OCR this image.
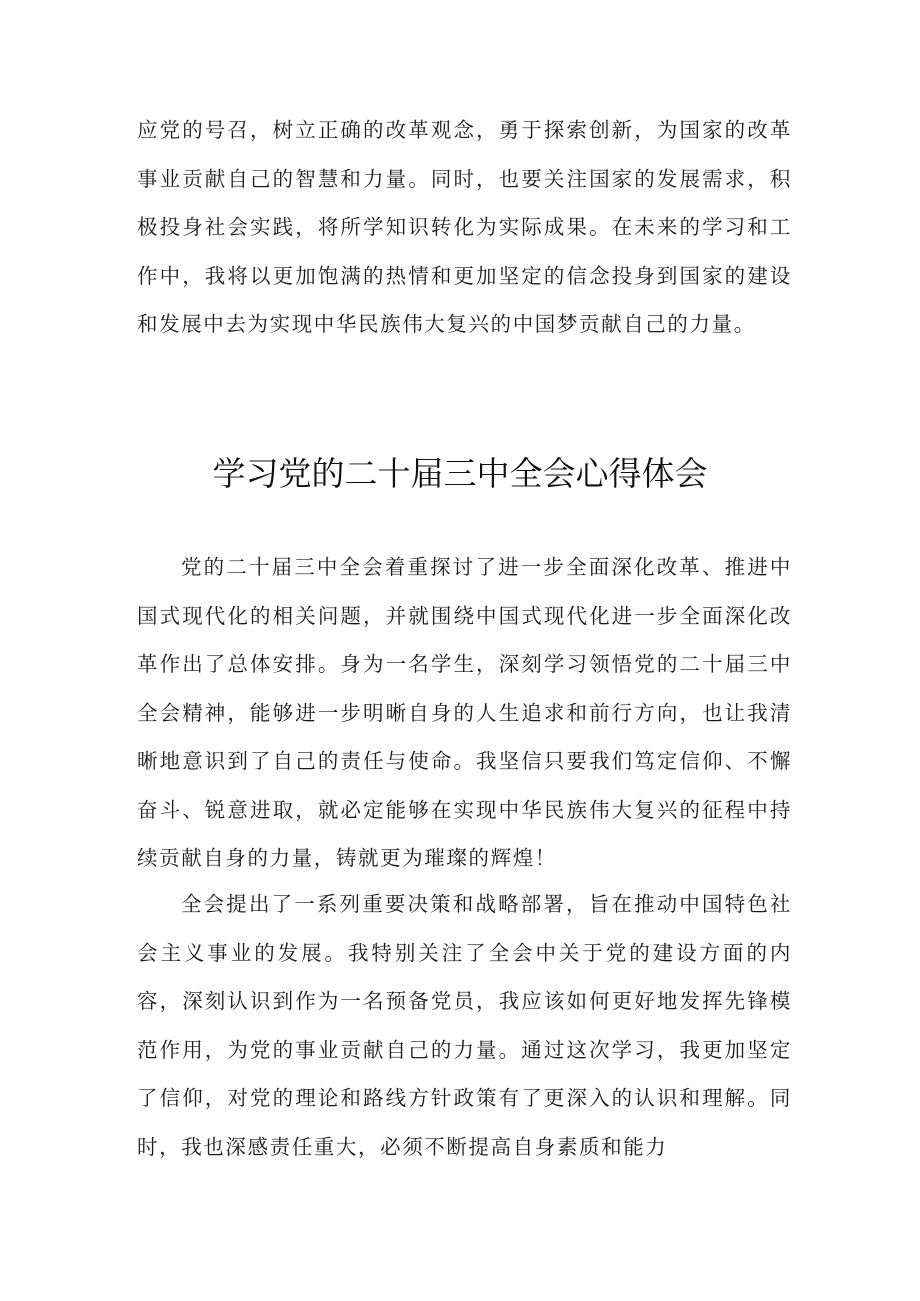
应党的号召，树立正确的改革观念，勇于探索创新，为国家的改革事业贡献自己的智慧和力量。同时，也要关注国家的发展需求，积极投身社会实践，将所学知识转化为实际成果。在未来的学习和工作中，我将以更加饱满的热情和更加坚定的信念投身到国家的建设和发展中去为实现中华民族伟大复兴的中国梦贡献自己的力量。

学习党的二十届三中全会心得体会

党的二十届三中全会着重探讨了进一步全面深化改革、推进中国式现代化的相关问题，并就围绕中国式现代化进一步全面深化改革作出了总体安排。身为一名学生，深刻学习领悟党的二十届三中全会精神，能够进一步明晰自身的人生追求和前行方向，也让我清晰地意识到了自己的责任与使命。我坚信只要我们笃定信仰、不懈奋斗、锐意进取，就必定能够在实现中华民族伟大复兴的征程中持续贡献自身的力量，铸就更为璀璨的辉煌！

全会提出了一系列重要决策和战略部署，旨在推动中国特色社会主义事业的发展。我特别关注了全会中关于党的建设方面的内容，深刻认识到作为一名预备党员，我应该如何更好地发挥先锋模范作用，为党的事业贡献自己的力量。通过这次学习，我更加坚定了信仰，对党的理论和路线方针政策有了更深入的认识和理解。同时，我也深感责任重大，必须不断提高自身素质和能力
